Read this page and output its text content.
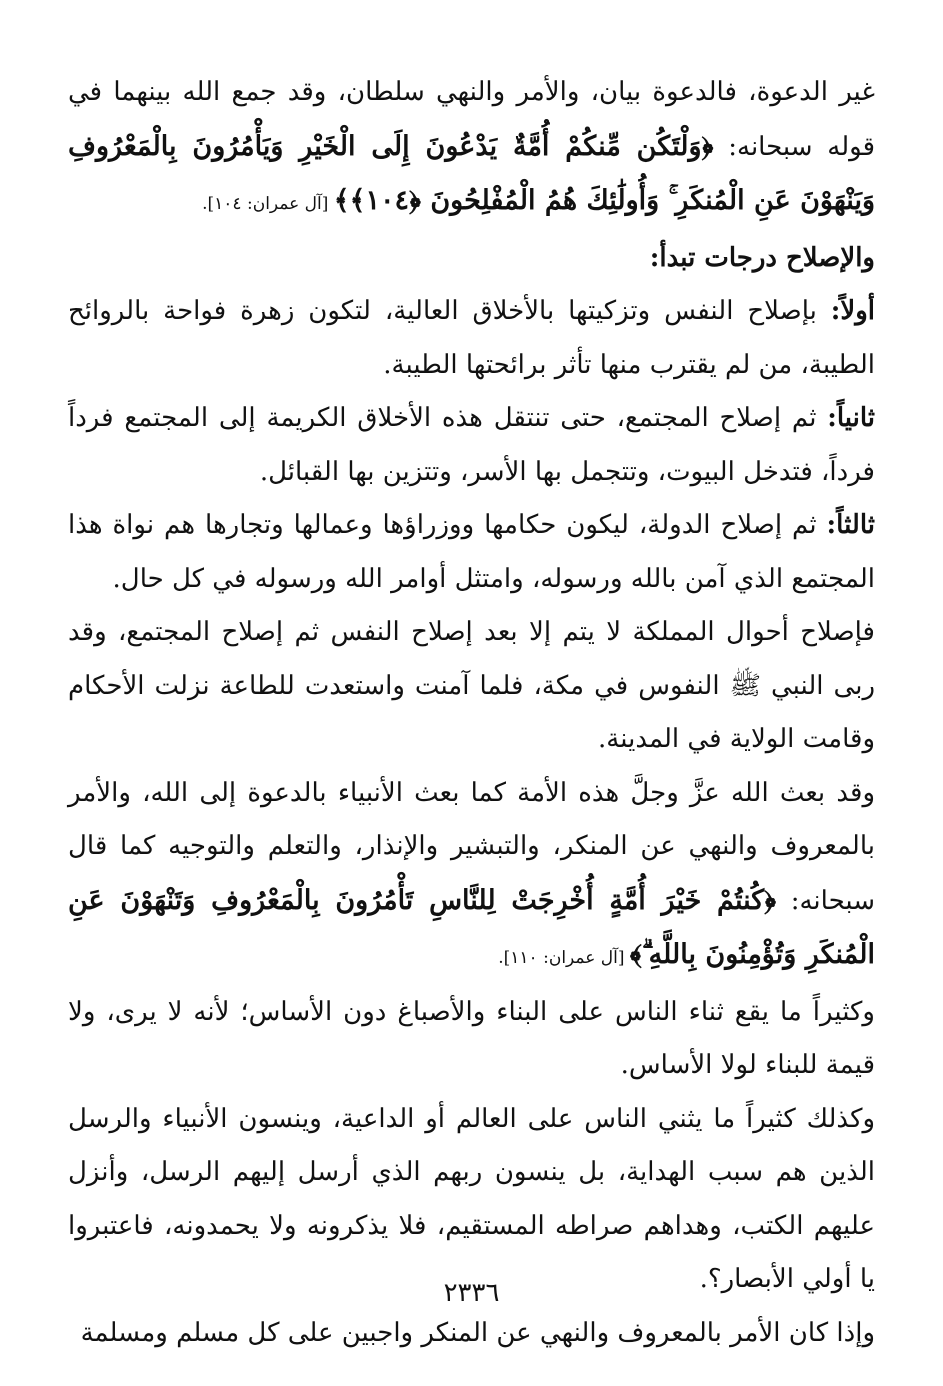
غير الدعوة، فالدعوة بيان، والأمر والنهي سلطان، وقد جمع الله بينهما في قوله سبحانه: ﴿وَلْتَكُن مِّنكُمْ أُمَّةٌ يَدْعُونَ إِلَى الْخَيْرِ وَيَأْمُرُونَ بِالْمَعْرُوفِ وَيَنْهَوْنَ عَنِ الْمُنكَرِ ۚ وَأُولَٰئِكَ هُمُ الْمُفْلِحُونَ ﴿١٠٤﴾﴾ [آل عمران: ١٠٤].

والإصلاح درجات تبدأ:

أولاً: بإصلاح النفس وتزكيتها بالأخلاق العالية، لتكون زهرة فواحة بالروائح الطيبة، من لم يقترب منها تأثر برائحتها الطيبة.

ثانياً: ثم إصلاح المجتمع، حتى تنتقل هذه الأخلاق الكريمة إلى المجتمع فرداً فرداً، فتدخل البيوت، وتتجمل بها الأسر، وتتزين بها القبائل.

ثالثاً: ثم إصلاح الدولة، ليكون حكامها ووزراؤها وعمالها وتجارها هم نواة هذا المجتمع الذي آمن بالله ورسوله، وامتثل أوامر الله ورسوله في كل حال.

فإصلاح أحوال المملكة لا يتم إلا بعد إصلاح النفس ثم إصلاح المجتمع، وقد ربى النبي ﷺ النفوس في مكة، فلما آمنت واستعدت للطاعة نزلت الأحكام وقامت الولاية في المدينة.

وقد بعث الله عزَّ وجلَّ هذه الأمة كما بعث الأنبياء بالدعوة إلى الله، والأمر بالمعروف والنهي عن المنكر، والتبشير والإنذار، والتعلم والتوجيه كما قال سبحانه: ﴿كُنتُمْ خَيْرَ أُمَّةٍ أُخْرِجَتْ لِلنَّاسِ تَأْمُرُونَ بِالْمَعْرُوفِ وَتَنْهَوْنَ عَنِ الْمُنكَرِ وَتُؤْمِنُونَ بِاللَّهِ ۗ﴾ [آل عمران: ١١٠].

وكثيراً ما يقع ثناء الناس على البناء والأصباغ دون الأساس؛ لأنه لا يرى، ولا قيمة للبناء لولا الأساس.

وكذلك كثيراً ما يثني الناس على العالم أو الداعية، وينسون الأنبياء والرسل الذين هم سبب الهداية، بل ينسون ربهم الذي أرسل إليهم الرسل، وأنزل عليهم الكتب، وهداهم صراطه المستقيم، فلا يذكرونه ولا يحمدونه، فاعتبروا يا أولي الأبصار؟.

وإذا كان الأمر بالمعروف والنهي عن المنكر واجبين على كل مسلم ومسلمة

٢٣٣٦
